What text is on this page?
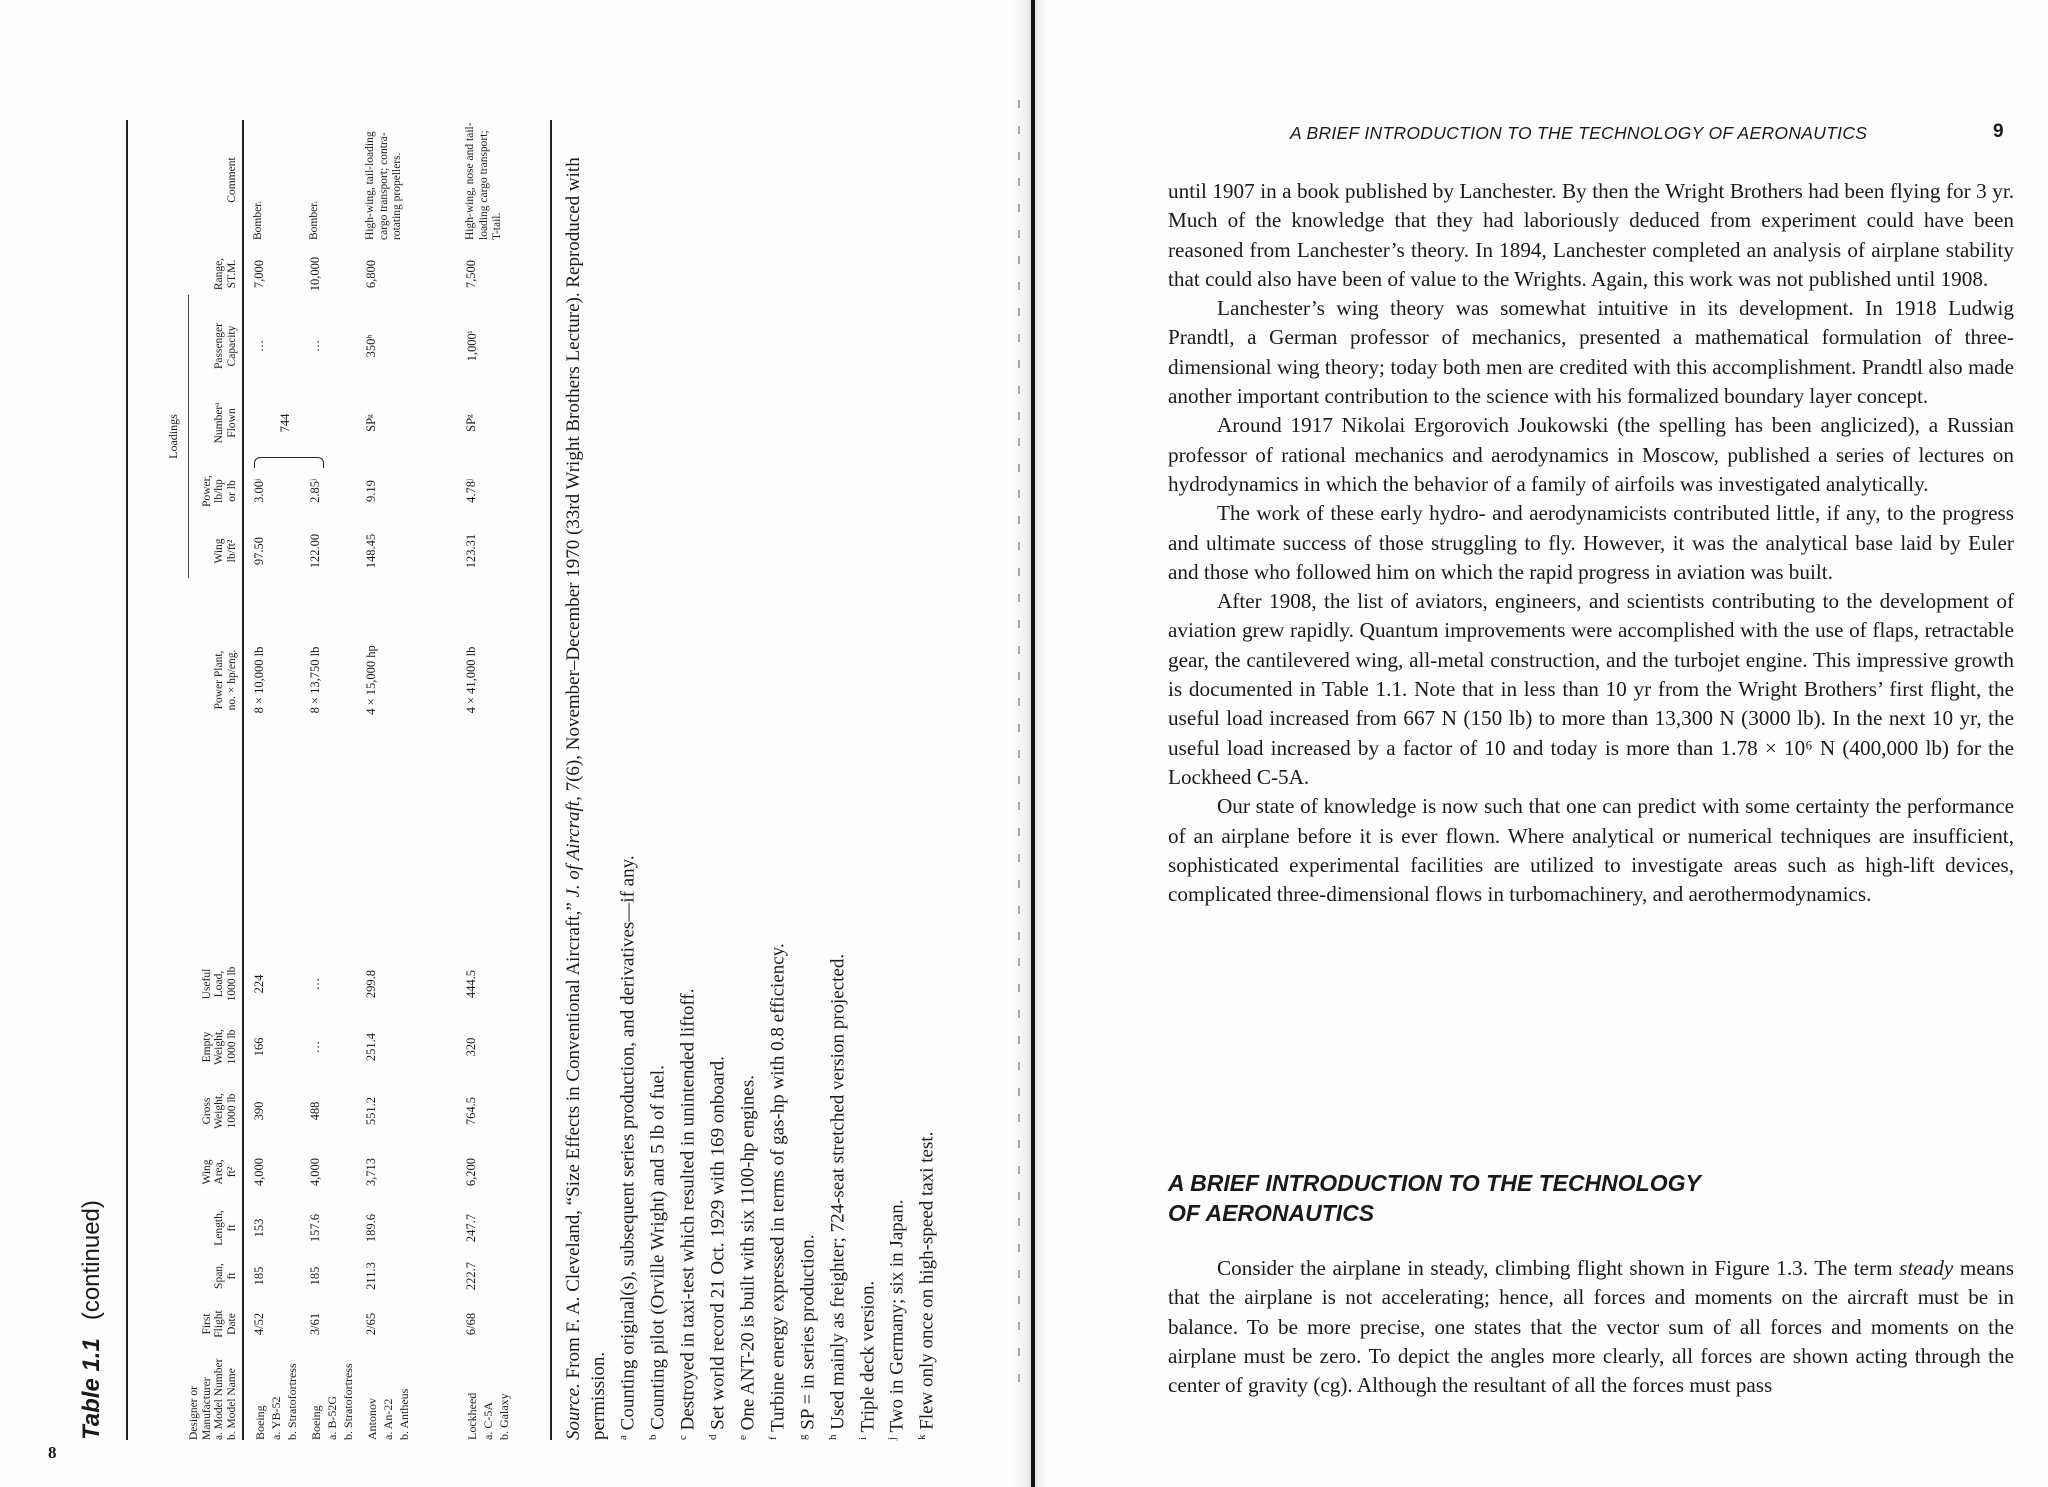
8
Table 1.1(continued)
Loadings
Designer or Manufacturer a. Model Number b. Model Name
First Flight Date
Span, ft
Length, ft
Wing Area, ft²
Gross Weight, 1000 lb
Empty Weight, 1000 lb
Useful Load, 1000 lb
Power Plant, no. × hp/eng.
Wing lb/ft²
Power, lb/hp or lb
Numberᵃ Flown
Passenger Capacity
Range, ST.M.
Comment
Boeing a. YB-52 b. Stratofortress
4/52
185
153
4,000
390
166
224
8 × 10,000 lb
97.50
3.00ʲ
744
…
7,000
Bomber.
Boeing a. B-52G b. Stratofortress
3/61
185
157.6
4,000
488
…
…
8 × 13,750 lb
122.00
2.85ʲ
…
10,000
Bomber.
Antonov a. An-22 b. Antheus
2/65
211.3
189.6
3,713
551.2
251.4
299.8
4 × 15,000 hp
148.45
9.19
SPᵍ
350ʰ
6,800
High-wing, tail-loading cargo transport; contra-rotating propellers.
Lockheed a. C-5A b. Galaxy
6/68
222.7
247.7
6,200
764.5
320
444.5
4 × 41,000 lb
123.31
4.78ʲ
SPᵍ
1,000ⁱ
7,500
High-wing, nose and tail-loading cargo transport; T-tail.

Source. From F. A. Cleveland, “Size Effects in Conventional Aircraft,” J. of Aircraft, 7(6), November–December 1970 (33rd Wright Brothers Lecture). Reproduced with permission. $^a$ Counting original(s), subsequent series production, and derivatives—if any.

$^b$ Counting pilot (Orville Wright) and 5 lb of fuel.

$^c$ Destroyed in taxi-test which resulted in unintended liftoff.

$^d$ Set world record 21 Oct. 1929 with 169 onboard.

$^e$ One ANT-20 is built with six 1100-hp engines.

$^f$ Turbine energy expressed in terms of gas-hp with 0.8 efficiency.

$^g$ SP = in series production.

$^h$ Used mainly as freighter; 724-seat stretched version projected.

$^i$ Triple deck version.

$^j$ Two in Germany; six in Japan.

$^k$ Flew only once on high-speed taxi test.

A BRIEF INTRODUCTION TO THE TECHNOLOGY OF AERONAUTICS	9

until 1907 in a book published by Lanchester. By then the Wright Brothers had been flying for 3 yr. Much of the knowledge that they had laboriously deduced from experiment could have been reasoned from Lanchester’s theory. In 1894, Lanchester completed an analysis of airplane stability that could also have been of value to the Wrights. Again, this work was not published until 1908.

Lanchester’s wing theory was somewhat intuitive in its development. In 1918 Ludwig Prandtl, a German professor of mechanics, presented a mathematical formulation of three-dimensional wing theory; today both men are credited with this accomplishment. Prandtl also made another important contribution to the science with his formalized boundary layer concept.

Around 1917 Nikolai Ergorovich Joukowski (the spelling has been anglicized), a Russian professor of rational mechanics and aerodynamics in Moscow, published a series of lectures on hydrodynamics in which the behavior of a family of airfoils was investigated analytically.

The work of these early hydro- and aerodynamicists contributed little, if any, to the progress and ultimate success of those struggling to fly. However, it was the analytical base laid by Euler and those who followed him on which the rapid progress in aviation was built.

After 1908, the list of aviators, engineers, and scientists contributing to the development of aviation grew rapidly. Quantum improvements were accomplished with the use of flaps, retractable gear, the cantilevered wing, all-metal construction, and the turbojet engine. This impressive growth is documented in Table 1.1. Note that in less than 10 yr from the Wright Brothers’ first flight, the useful load increased from 667 N (150 lb) to more than 13,300 N (3000 lb). In the next 10 yr, the useful load increased by a factor of 10 and today is more than 1.78 × 10⁶ N (400,000 lb) for the Lockheed C-5A.

Our state of knowledge is now such that one can predict with some certainty the performance of an airplane before it is ever flown. Where analytical or numerical techniques are insufficient, sophisticated experimental facilities are utilized to investigate areas such as high-lift devices, complicated three-dimensional flows in turbomachinery, and aerothermodynamics.

A BRIEF INTRODUCTION TO THE TECHNOLOGY
OF AERONAUTICS

Consider the airplane in steady, climbing flight shown in Figure 1.3. The term steady means that the airplane is not accelerating; hence, all forces and moments on the aircraft must be in balance. To be more precise, one states that the vector sum of all forces and moments on the airplane must be zero. To depict the angles more clearly, all forces are shown acting through the center of gravity (cg). Although the resultant of all the forces must pass
